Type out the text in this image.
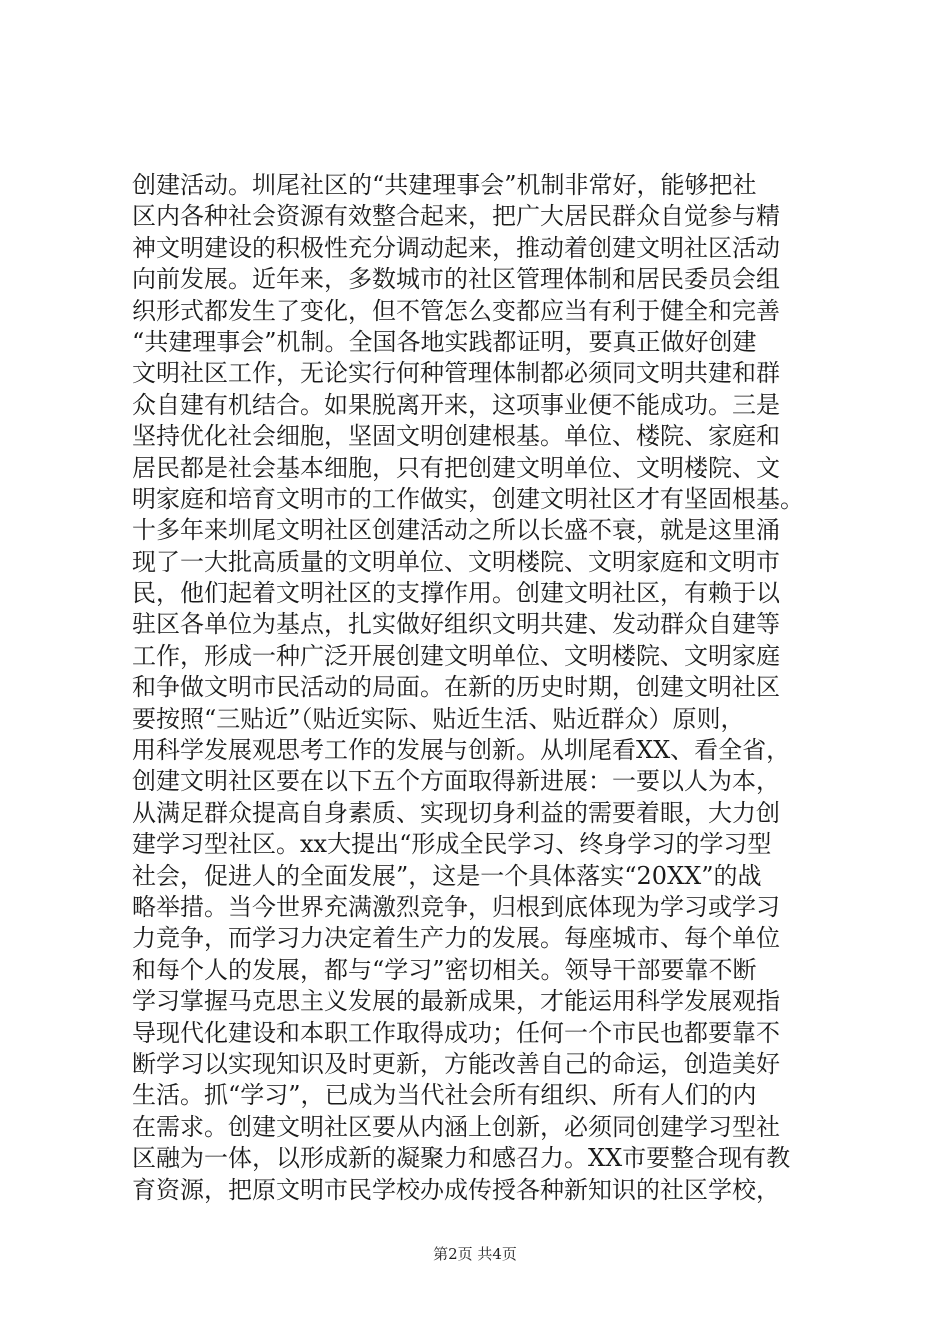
创建活动。圳尾社区的“共建理事会”机制非常好，能够把社
区内各种社会资源有效整合起来，把广大居民群众自觉参与精
神文明建设的积极性充分调动起来，推动着创建文明社区活动
向前发展。近年来，多数城市的社区管理体制和居民委员会组
织形式都发生了变化，但不管怎么变都应当有利于健全和完善
“共建理事会”机制。全国各地实践都证明，要真正做好创建
文明社区工作，无论实行何种管理体制都必须同文明共建和群
众自建有机结合。如果脱离开来，这项事业便不能成功。三是
坚持优化社会细胞，坚固文明创建根基。单位、楼院、家庭和
居民都是社会基本细胞，只有把创建文明单位、文明楼院、文
明家庭和培育文明市的工作做实，创建文明社区才有坚固根基。
十多年来圳尾文明社区创建活动之所以长盛不衰，就是这里涌
现了一大批高质量的文明单位、文明楼院、文明家庭和文明市
民，他们起着文明社区的支撑作用。创建文明社区，有赖于以
驻区各单位为基点，扎实做好组织文明共建、发动群众自建等
工作，形成一种广泛开展创建文明单位、文明楼院、文明家庭
和争做文明市民活动的局面。在新的历史时期，创建文明社区
要按照“三贴近”（贴近实际、贴近生活、贴近群众）原则，
用科学发展观思考工作的发展与创新。从圳尾看XX、看全省，
创建文明社区要在以下五个方面取得新进展：一要以人为本，
从满足群众提高自身素质、实现切身利益的需要着眼，大力创
建学习型社区。xx大提出“形成全民学习、终身学习的学习型
社会，促进人的全面发展”，这是一个具体落实“20XX”的战
略举措。当今世界充满激烈竞争，归根到底体现为学习或学习
力竞争，而学习力决定着生产力的发展。每座城市、每个单位
和每个人的发展，都与“学习”密切相关。领导干部要靠不断
学习掌握马克思主义发展的最新成果，才能运用科学发展观指
导现代化建设和本职工作取得成功；任何一个市民也都要靠不
断学习以实现知识及时更新，方能改善自己的命运，创造美好
生活。抓“学习”，已成为当代社会所有组织、所有人们的内
在需求。创建文明社区要从内涵上创新，必须同创建学习型社
区融为一体，以形成新的凝聚力和感召力。XX市要整合现有教
育资源，把原文明市民学校办成传授各种新知识的社区学校，
第2页 共4页
